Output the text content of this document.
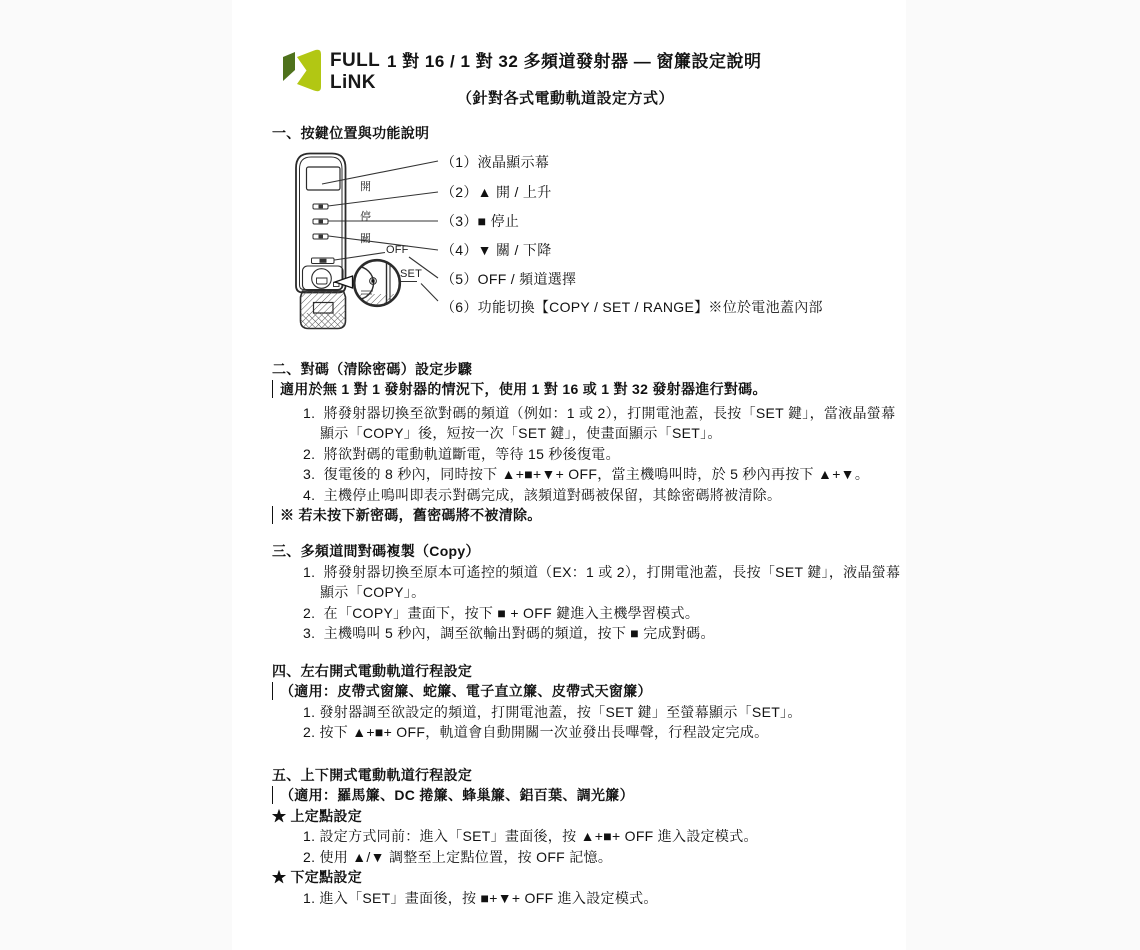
FULL
LiNK
1 對 16 / 1 對 32 多頻道發射器 — 窗簾設定說明
（針對各式電動軌道設定方式）
一、按鍵位置與功能說明
開
停
關
OFF
SET
（1）液晶顯示幕
（2）▲ 開 / 上升
（3）■ 停止
（4）▼ 關 / 下降
（5）OFF / 頻道選擇
（6）功能切換【COPY / SET / RANGE】※位於電池蓋內部
二、對碼（清除密碼）設定步驟
適用於無 1 對 1 發射器的情況下，使用 1 對 16 或 1 對 32 發射器進行對碼。
1.  將發射器切換至欲對碼的頻道（例如：1 或 2），打開電池蓋，長按「SET 鍵」，當液晶螢幕
顯示「COPY」後，短按一次「SET 鍵」，使畫面顯示「SET」。
2.  將欲對碼的電動軌道斷電，等待 15 秒後復電。
3.  復電後的 8 秒內，同時按下 ▲+■+▼+ OFF，當主機鳴叫時，於 5 秒內再按下 ▲+▼。
4.  主機停止鳴叫即表示對碼完成，該頻道對碼被保留，其餘密碼將被清除。
※ 若未按下新密碼，舊密碼將不被清除。
三、多頻道間對碼複製（Copy）
1.  將發射器切換至原本可遙控的頻道（EX：1 或 2），打開電池蓋，長按「SET 鍵」，液晶螢幕
顯示「COPY」。
2.  在「COPY」畫面下，按下 ■ + OFF 鍵進入主機學習模式。
3.  主機鳴叫 5 秒內，調至欲輸出對碼的頻道，按下 ■ 完成對碼。
四、左右開式電動軌道行程設定
（適用：皮帶式窗簾、蛇簾、電子直立簾、皮帶式天窗簾）
1. 發射器調至欲設定的頻道，打開電池蓋，按「SET 鍵」至螢幕顯示「SET」。
2. 按下 ▲+■+ OFF，軌道會自動開關一次並發出長嗶聲，行程設定完成。
五、上下開式電動軌道行程設定
（適用：羅馬簾、DC 捲簾、蜂巢簾、鋁百葉、調光簾）
★ 上定點設定
1. 設定方式同前：進入「SET」畫面後，按 ▲+■+ OFF 進入設定模式。
2. 使用 ▲/▼ 調整至上定點位置，按 OFF 記憶。
★ 下定點設定
1. 進入「SET」畫面後，按 ■+▼+ OFF 進入設定模式。
